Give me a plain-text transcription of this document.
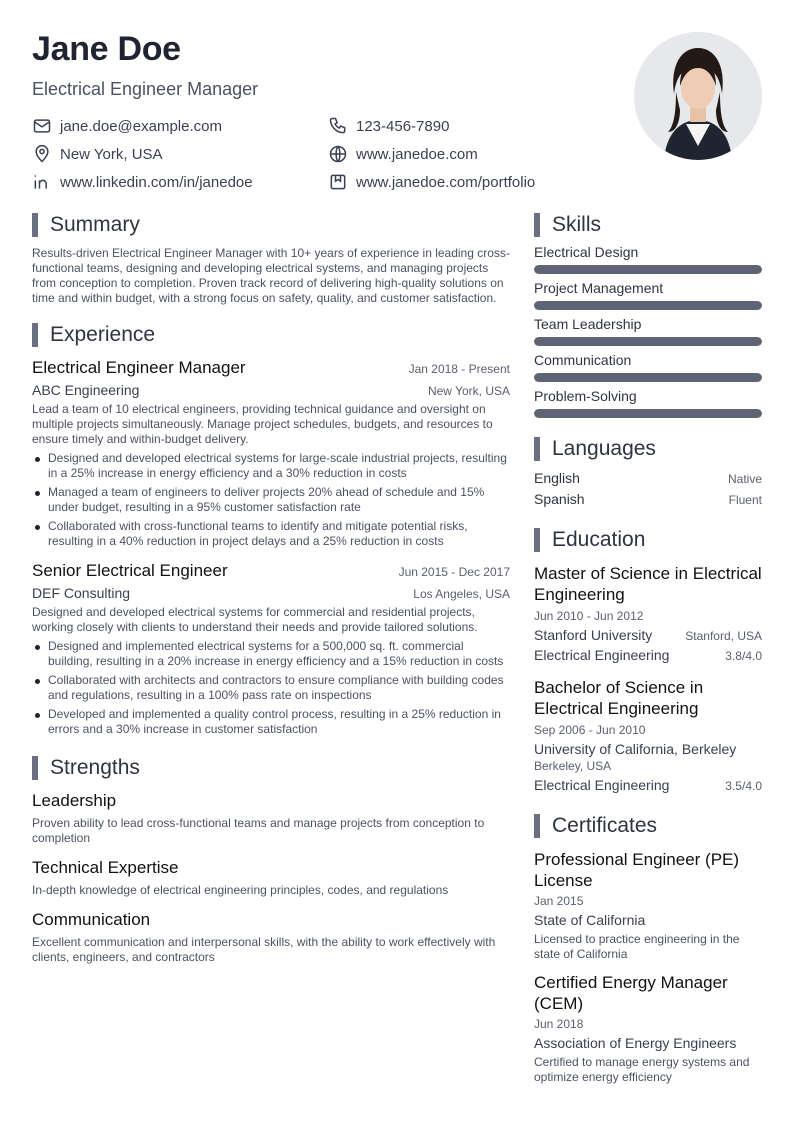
Jane Doe
Electrical Engineer Manager
jane.doe@example.com	123-456-7890
New York, USA	www.janedoe.com
www.linkedin.com/in/janedoe	www.janedoe.com/portfolio
Summary
Results-driven Electrical Engineer Manager with 10+ years of experience in leading cross-functional teams, designing and developing electrical systems, and managing projects from conception to completion. Proven track record of delivering high-quality solutions on time and within budget, with a strong focus on safety, quality, and customer satisfaction.
Experience
Electrical Engineer Manager	Jan 2018 - Present
ABC Engineering	New York, USA
Lead a team of 10 electrical engineers, providing technical guidance and oversight on multiple projects simultaneously. Manage project schedules, budgets, and resources to ensure timely and within-budget delivery.
Designed and developed electrical systems for large-scale industrial projects, resulting in a 25% increase in energy efficiency and a 30% reduction in costs
Managed a team of engineers to deliver projects 20% ahead of schedule and 15% under budget, resulting in a 95% customer satisfaction rate
Collaborated with cross-functional teams to identify and mitigate potential risks, resulting in a 40% reduction in project delays and a 25% reduction in costs
Senior Electrical Engineer	Jun 2015 - Dec 2017
DEF Consulting	Los Angeles, USA
Designed and developed electrical systems for commercial and residential projects, working closely with clients to understand their needs and provide tailored solutions.
Designed and implemented electrical systems for a 500,000 sq. ft. commercial building, resulting in a 20% increase in energy efficiency and a 15% reduction in costs
Collaborated with architects and contractors to ensure compliance with building codes and regulations, resulting in a 100% pass rate on inspections
Developed and implemented a quality control process, resulting in a 25% reduction in errors and a 30% increase in customer satisfaction
Strengths
Leadership
Proven ability to lead cross-functional teams and manage projects from conception to completion
Technical Expertise
In-depth knowledge of electrical engineering principles, codes, and regulations
Communication
Excellent communication and interpersonal skills, with the ability to work effectively with clients, engineers, and contractors
Skills
Electrical Design
Project Management
Team Leadership
Communication
Problem-Solving
Languages
English	Native
Spanish	Fluent
Education
Master of Science in Electrical Engineering
Jun 2010 - Jun 2012
Stanford University	Stanford, USA
Electrical Engineering	3.8/4.0
Bachelor of Science in Electrical Engineering
Sep 2006 - Jun 2010
University of California, Berkeley
Berkeley, USA
Electrical Engineering	3.5/4.0
Certificates
Professional Engineer (PE) License
Jan 2015
State of California
Licensed to practice engineering in the state of California
Certified Energy Manager (CEM)
Jun 2018
Association of Energy Engineers
Certified to manage energy systems and optimize energy efficiency
